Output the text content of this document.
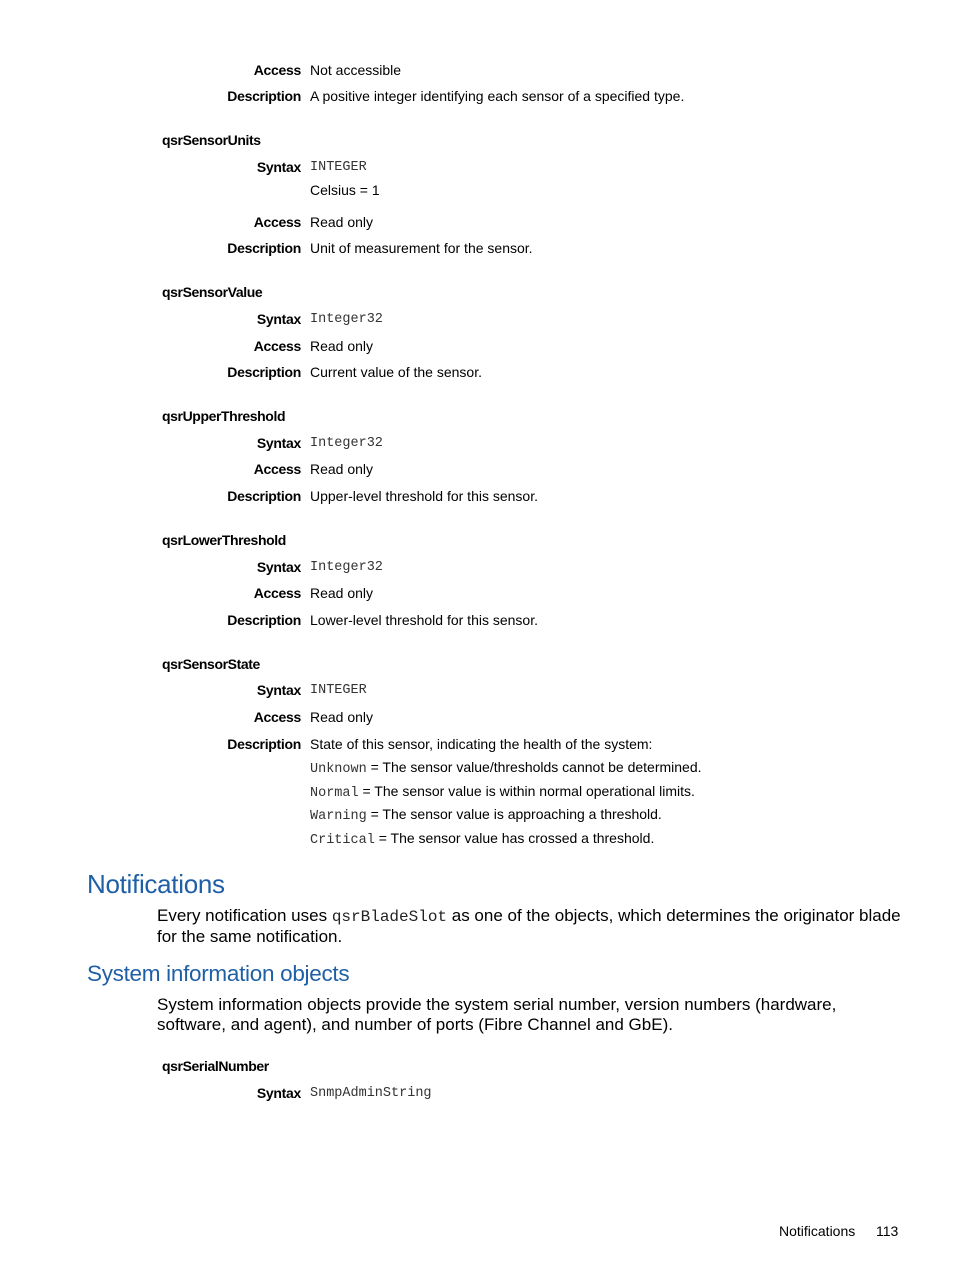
Access Not accessible
Description A positive integer identifying each sensor of a specified type.
qsrSensorUnits
Syntax INTEGER
Celsius = 1
Access Read only
Description Unit of measurement for the sensor.
qsrSensorValue
Syntax Integer32
Access Read only
Description Current value of the sensor.
qsrUpperThreshold
Syntax Integer32
Access Read only
Description Upper-level threshold for this sensor.
qsrLowerThreshold
Syntax Integer32
Access Read only
Description Lower-level threshold for this sensor.
qsrSensorState
Syntax INTEGER
Access Read only
Description State of this sensor, indicating the health of the system:
Unknown = The sensor value/thresholds cannot be determined.
Normal = The sensor value is within normal operational limits.
Warning = The sensor value is approaching a threshold.
Critical = The sensor value has crossed a threshold.
Notifications
Every notification uses qsrBladeSlot as one of the objects, which determines the originator blade for the same notification.
System information objects
System information objects provide the system serial number, version numbers (hardware, software, and agent), and number of ports (Fibre Channel and GbE).
qsrSerialNumber
Syntax SnmpAdminString
Notifications 113
